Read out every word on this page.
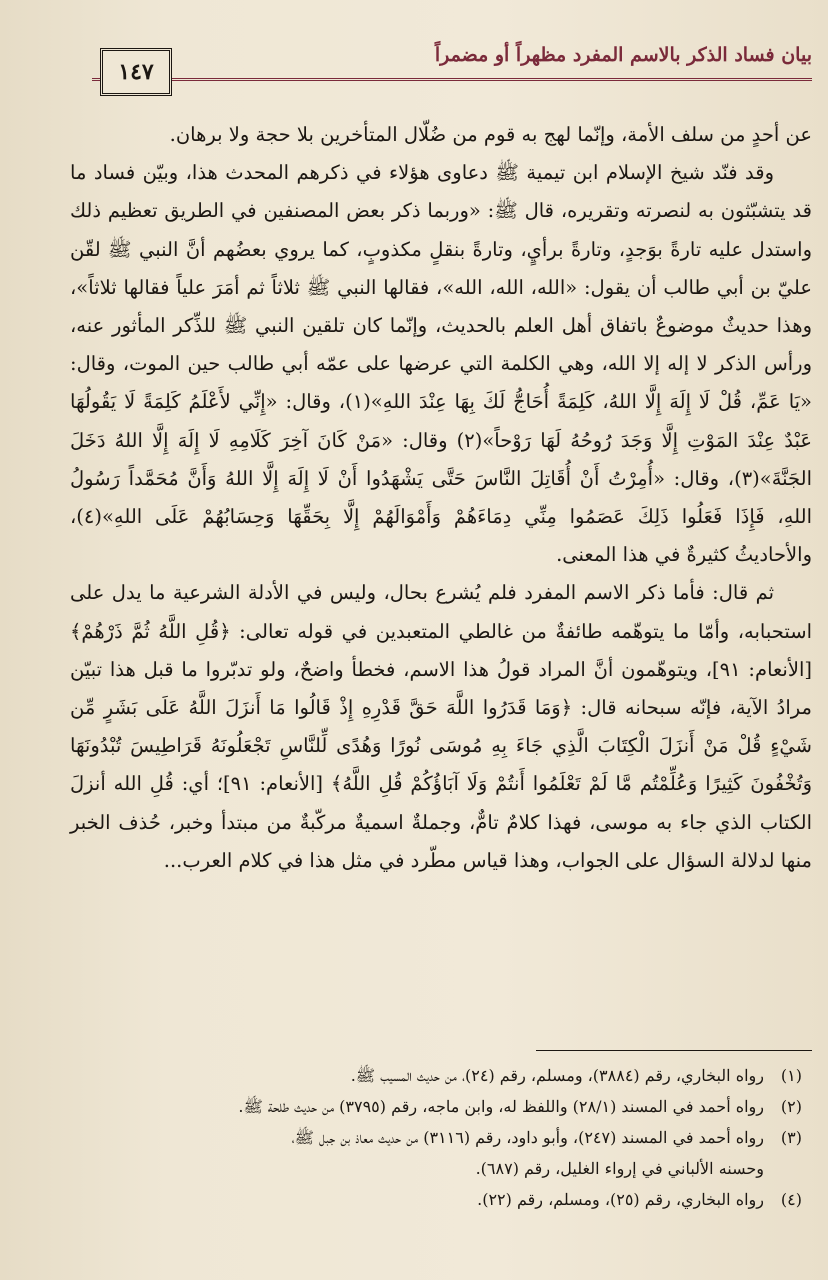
١٤٧
بيان فساد الذكر بالاسم المفرد مظهراً أو مضمراً

عن أحدٍ من سلف الأمة، وإنّما لهج به قوم من ضُلّال المتأخرين بلا حجة ولا برهان.

وقد فنّد شيخ الإسلام ابن تيمية ﷺ دعاوى هؤلاء في ذكرهم المحدث هذا، وبيّن فساد ما قد يتشبّثون به لنصرته وتقريره، قال ﷺ: «وربما ذكر بعض المصنفين في الطريق تعظيم ذلك واستدل عليه تارةً بوَجدٍ، وتارةً برأيٍ، وتارةً بنقلٍ مكذوبٍ، كما يروي بعضُهم أنَّ النبي ﷺ لقّن عليّ بن أبي طالب أن يقول: «الله، الله، الله»، فقالها النبي ﷺ ثلاثاً ثم أمَرَ علياً فقالها ثلاثاً»، وهذا حديثٌ موضوعٌ باتفاق أهل العلم بالحديث، وإنّما كان تلقين النبي ﷺ للذِّكر المأثور عنه، ورأس الذكر لا إله إلا الله، وهي الكلمة التي عرضها على عمّه أبي طالب حين الموت، وقال: «يَا عَمِّ، قُلْ لَا إِلَهَ إِلَّا اللهُ، كَلِمَةً أُحَاجُّ لَكَ بِهَا عِنْدَ اللهِ»(١)، وقال: «إِنِّي لأَعْلَمُ كَلِمَةً لَا يَقُولُهَا عَبْدٌ عِنْدَ المَوْتِ إِلَّا وَجَدَ رُوحُهُ لَهَا رَوْحاً»(٢) وقال: «مَنْ كَانَ آخِرَ كَلَامِهِ لَا إِلَهَ إِلَّا اللهُ دَخَلَ الجَنَّةَ»(٣)، وقال: «أُمِرْتُ أَنْ أُقَاتِلَ النَّاسَ حَتَّى يَشْهَدُوا أَنْ لَا إِلَهَ إِلَّا اللهُ وَأَنَّ مُحَمَّداً رَسُولُ اللهِ، فَإِذَا فَعَلُوا ذَلِكَ عَصَمُوا مِنِّي دِمَاءَهُمْ وَأَمْوَالَهُمْ إِلَّا بِحَقِّهَا وَحِسَابُهُمْ عَلَى اللهِ»(٤)، والأحاديثُ كثيرةٌ في هذا المعنى.

ثم قال: فأما ذكر الاسم المفرد فلم يُشرع بحال، وليس في الأدلة الشرعية ما يدل على استحبابه، وأمّا ما يتوهّمه طائفةٌ من غالطي المتعبدين في قوله تعالى: ﴿قُلِ اللَّهُ ثُمَّ ذَرْهُمْ﴾ [الأنعام: ٩١]، ويتوهّمون أنَّ المراد قولُ هذا الاسم، فخطأ واضحٌ، ولو تدبّروا ما قبل هذا تبيّن مرادُ الآية، فإنّه سبحانه قال: ﴿وَمَا قَدَرُوا اللَّهَ حَقَّ قَدْرِهِ إِذْ قَالُوا مَا أَنزَلَ اللَّهُ عَلَى بَشَرٍ مِّن شَيْءٍ قُلْ مَنْ أَنزَلَ الْكِتَابَ الَّذِي جَاءَ بِهِ مُوسَى نُورًا وَهُدًى لِّلنَّاسِ تَجْعَلُونَهُ قَرَاطِيسَ تُبْدُونَهَا وَتُخْفُونَ كَثِيرًا وَعُلِّمْتُم مَّا لَمْ تَعْلَمُوا أَنتُمْ وَلَا آبَاؤُكُمْ قُلِ اللَّهُ﴾ [الأنعام: ٩١]؛ أي: قُلِ الله أنزلَ الكتاب الذي جاء به موسى، فهذا كلامٌ تامٌّ، وجملةٌ اسميةٌ مركّبةٌ من مبتدأ وخبر، حُذف الخبر منها لدلالة السؤال على الجواب، وهذا قياس مطّرد في مثل هذا في كلام العرب...

(١)
رواه البخاري، رقم (٣٨٨٤)، ومسلم، رقم (٢٤)، من حديث المسيب ﷺ.
(٢)
رواه أحمد في المسند (٢٨/١) واللفظ له، وابن ماجه، رقم (٣٧٩٥) من حديث طلحة ﷺ.
(٣)
رواه أحمد في المسند (٢٤٧)، وأبو داود، رقم (٣١١٦) من حديث معاذ بن جبل ﷺ،
وحسنه الألباني في إرواء الغليل، رقم (٦٨٧).
(٤)
رواه البخاري، رقم (٢٥)، ومسلم، رقم (٢٢).
